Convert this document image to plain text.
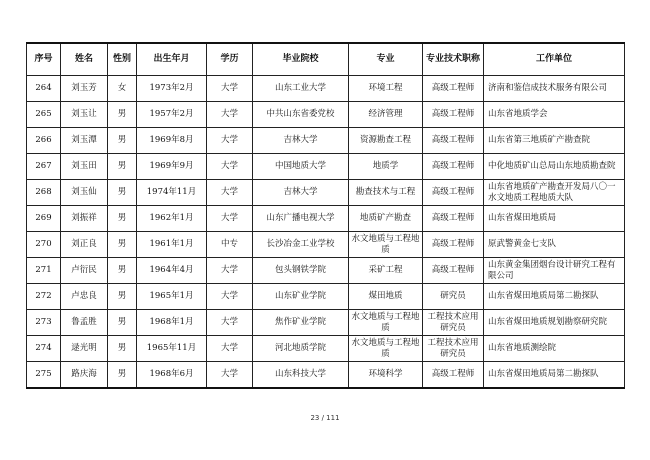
序号	姓名	性别	出生年月	学历	毕业院校	专业	专业技术职称	工作单位
264	刘玉芳	女	1973年2月	大学	山东工业大学	环境工程	高级工程师	济南和鉴信成技术服务有限公司
265	刘玉让	男	1957年2月	大学	中共山东省委党校	经济管理	高级工程师	山东省地质学会
266	刘玉潭	男	1969年8月	大学	吉林大学	资源勘查工程	高级工程师	山东省第三地质矿产勘查院
267	刘玉田	男	1969年9月	大学	中国地质大学	地质学	高级工程师	中化地质矿山总局山东地质勘查院
268	刘玉仙	男	1974年11月	大学	吉林大学	勘查技术与工程	高级工程师	山东省地质矿产勘查开发局八〇一水文地质工程地质大队
269	刘振祥	男	1962年1月	大学	山东广播电视大学	地质矿产勘查	高级工程师	山东省煤田地质局
270	刘正良	男	1961年1月	中专	长沙冶金工业学校	水文地质与工程地质	高级工程师	原武警黄金七支队
271	卢衍民	男	1964年4月	大学	包头钢铁学院	采矿工程	高级工程师	山东黄金集团烟台设计研究工程有限公司
272	卢忠良	男	1965年1月	大学	山东矿业学院	煤田地质	研究员	山东省煤田地质局第二勘探队
273	鲁孟胜	男	1968年1月	大学	焦作矿业学院	水文地质与工程地质	工程技术应用研究员	山东省煤田地质规划勘察研究院
274	逯光明	男	1965年11月	大学	河北地质学院	水文地质与工程地质	工程技术应用研究员	山东省地质测绘院
275	路庆海	男	1968年6月	大学	山东科技大学	环境科学	高级工程师	山东省煤田地质局第二勘探队
23 / 111
